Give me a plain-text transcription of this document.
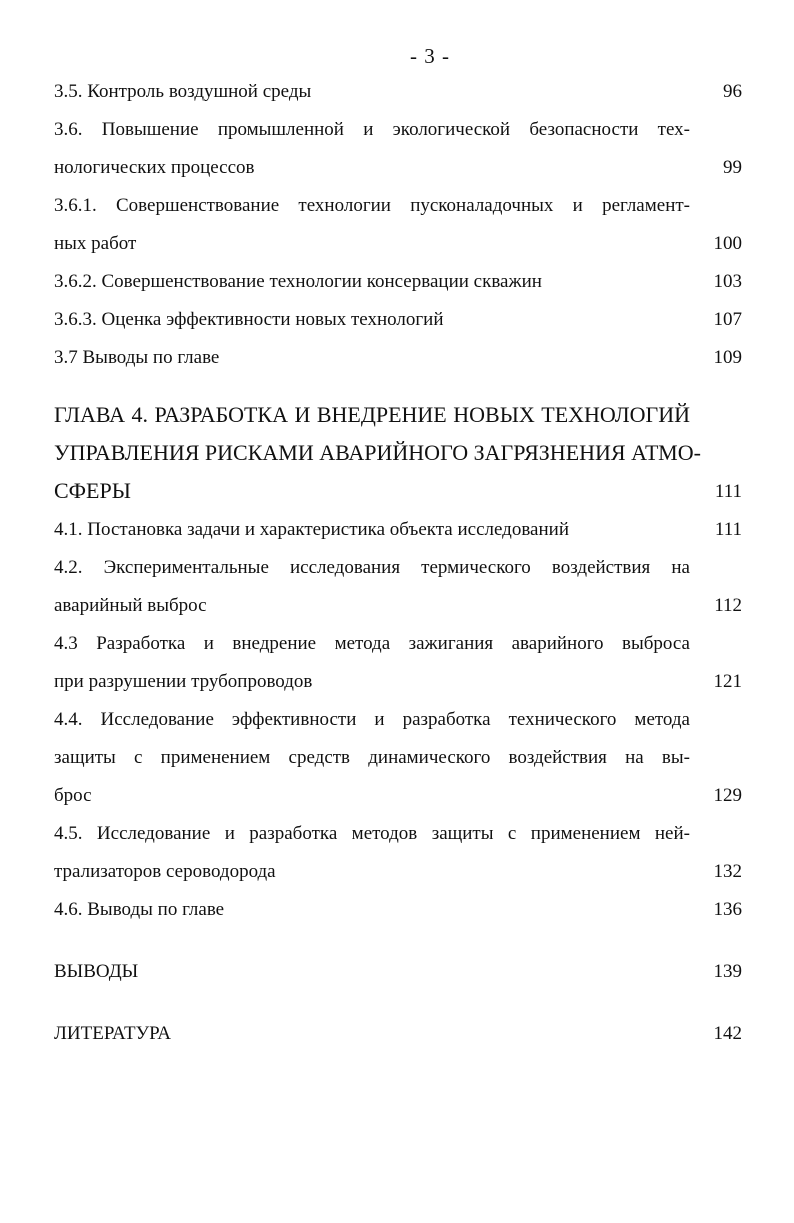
- 3 -
3.5. Контроль воздушной среды	96
3.6. Повышение промышленной и экологической безопасности тех-
нологических процессов	99
3.6.1. Совершенствование технологии пусконаладочных и регламент-
ных работ	100
3.6.2. Совершенствование технологии консервации скважин	103
3.6.3. Оценка эффективности новых технологий	107
3.7 Выводы по главе	109
ГЛАВА 4. РАЗРАБОТКА И ВНЕДРЕНИЕ НОВЫХ ТЕХНОЛОГИЙ
УПРАВЛЕНИЯ РИСКАМИ АВАРИЙНОГО ЗАГРЯЗНЕНИЯ АТМО-
СФЕРЫ	111
4.1. Постановка задачи и характеристика объекта исследований	111
4.2. Экспериментальные исследования термического воздействия на
аварийный выброс	112
4.3 Разработка и внедрение метода зажигания аварийного выброса
при разрушении трубопроводов	121
4.4. Исследование эффективности и разработка технического метода
защиты с применением средств динамического воздействия на вы-
брос	129
4.5. Исследование и разработка методов защиты с применением ней-
трализаторов сероводорода	132
4.6. Выводы по главе	136
ВЫВОДЫ	139
ЛИТЕРАТУРА	142
